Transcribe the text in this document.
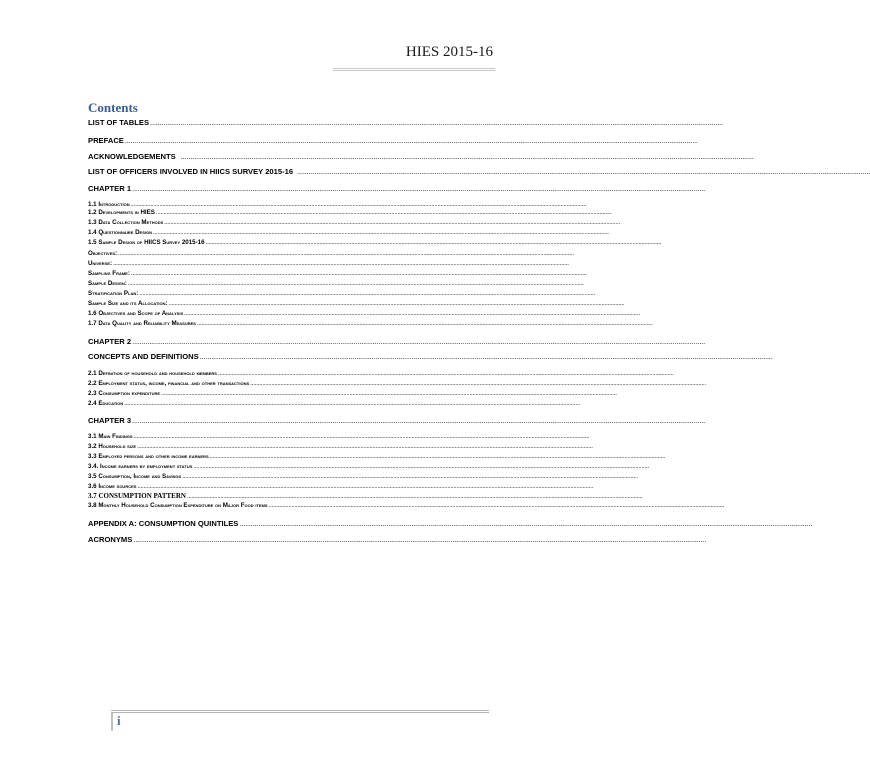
HIES 2015-16
Contents
LIST OF TABLES ............................................................................................................................................................................................................................................................................................................
PREFACE ............................................................................................................................................................................................................................................................................................................
ACKNOWLEDGEMENTS ............................................................................................................................................................................................................................................................................................................
LIST OF OFFICERS INVOLVED IN HIICS SURVEY 2015-16 ............................................................................................................................................................................................................................................................................................................
CHAPTER 1 ............................................................................................................................................................................................................................................................................................................
1.1 Introduction ............................................................................................................................................................................................................................................................................................................
1.2 Developments in HIES ............................................................................................................................................................................................................................................................................................................
1.3 Data Collection Methods ............................................................................................................................................................................................................................................................................................................
1.4 Questionnaire Design ............................................................................................................................................................................................................................................................................................................
1.5 Sample Design of HIICS Survey 2015-16 ............................................................................................................................................................................................................................................................................................................
Objectives: ............................................................................................................................................................................................................................................................................................................
Universe: ............................................................................................................................................................................................................................................................................................................
Sampling Frame: ............................................................................................................................................................................................................................................................................................................
Sample Design: ............................................................................................................................................................................................................................................................................................................
Stratification Plan: ............................................................................................................................................................................................................................................................................................................
Sample Size and its Allocation: ............................................................................................................................................................................................................................................................................................................
1.6 Objectives and Scope of Analysis ............................................................................................................................................................................................................................................................................................................
1.7 Data Quality and Reliability Measures ............................................................................................................................................................................................................................................................................................................
CHAPTER 2 ............................................................................................................................................................................................................................................................................................................
CONCEPTS AND DEFINITIONS ............................................................................................................................................................................................................................................................................................................
2.1 Definition of household and household members ............................................................................................................................................................................................................................................................................................................
2.2 Employment status, income, financial and other transactions ............................................................................................................................................................................................................................................................................................................
2.3 Consumption expenditure ............................................................................................................................................................................................................................................................................................................
2.4 Education ............................................................................................................................................................................................................................................................................................................
CHAPTER 3 ............................................................................................................................................................................................................................................................................................................
3.1 Main Findings ............................................................................................................................................................................................................................................................................................................
3.2 Household size ............................................................................................................................................................................................................................................................................................................
3.3 Employed persons and other income earners ............................................................................................................................................................................................................................................................................................................
3.4. Income earners by employment status ............................................................................................................................................................................................................................................................................................................
3.5 Consumption, Income and Savings ............................................................................................................................................................................................................................................................................................................
3.6 Income sources ............................................................................................................................................................................................................................................................................................................
3.7 CONSUMPTION PATTERN ............................................................................................................................................................................................................................................................................................................
3.8 Monthly Household Consumption Expenditure on Major Food items ............................................................................................................................................................................................................................................................................................................
APPENDIX A: CONSUMPTION QUINTILES ............................................................................................................................................................................................................................................................................................................
ACRONYMS ............................................................................................................................................................................................................................................................................................................
i
